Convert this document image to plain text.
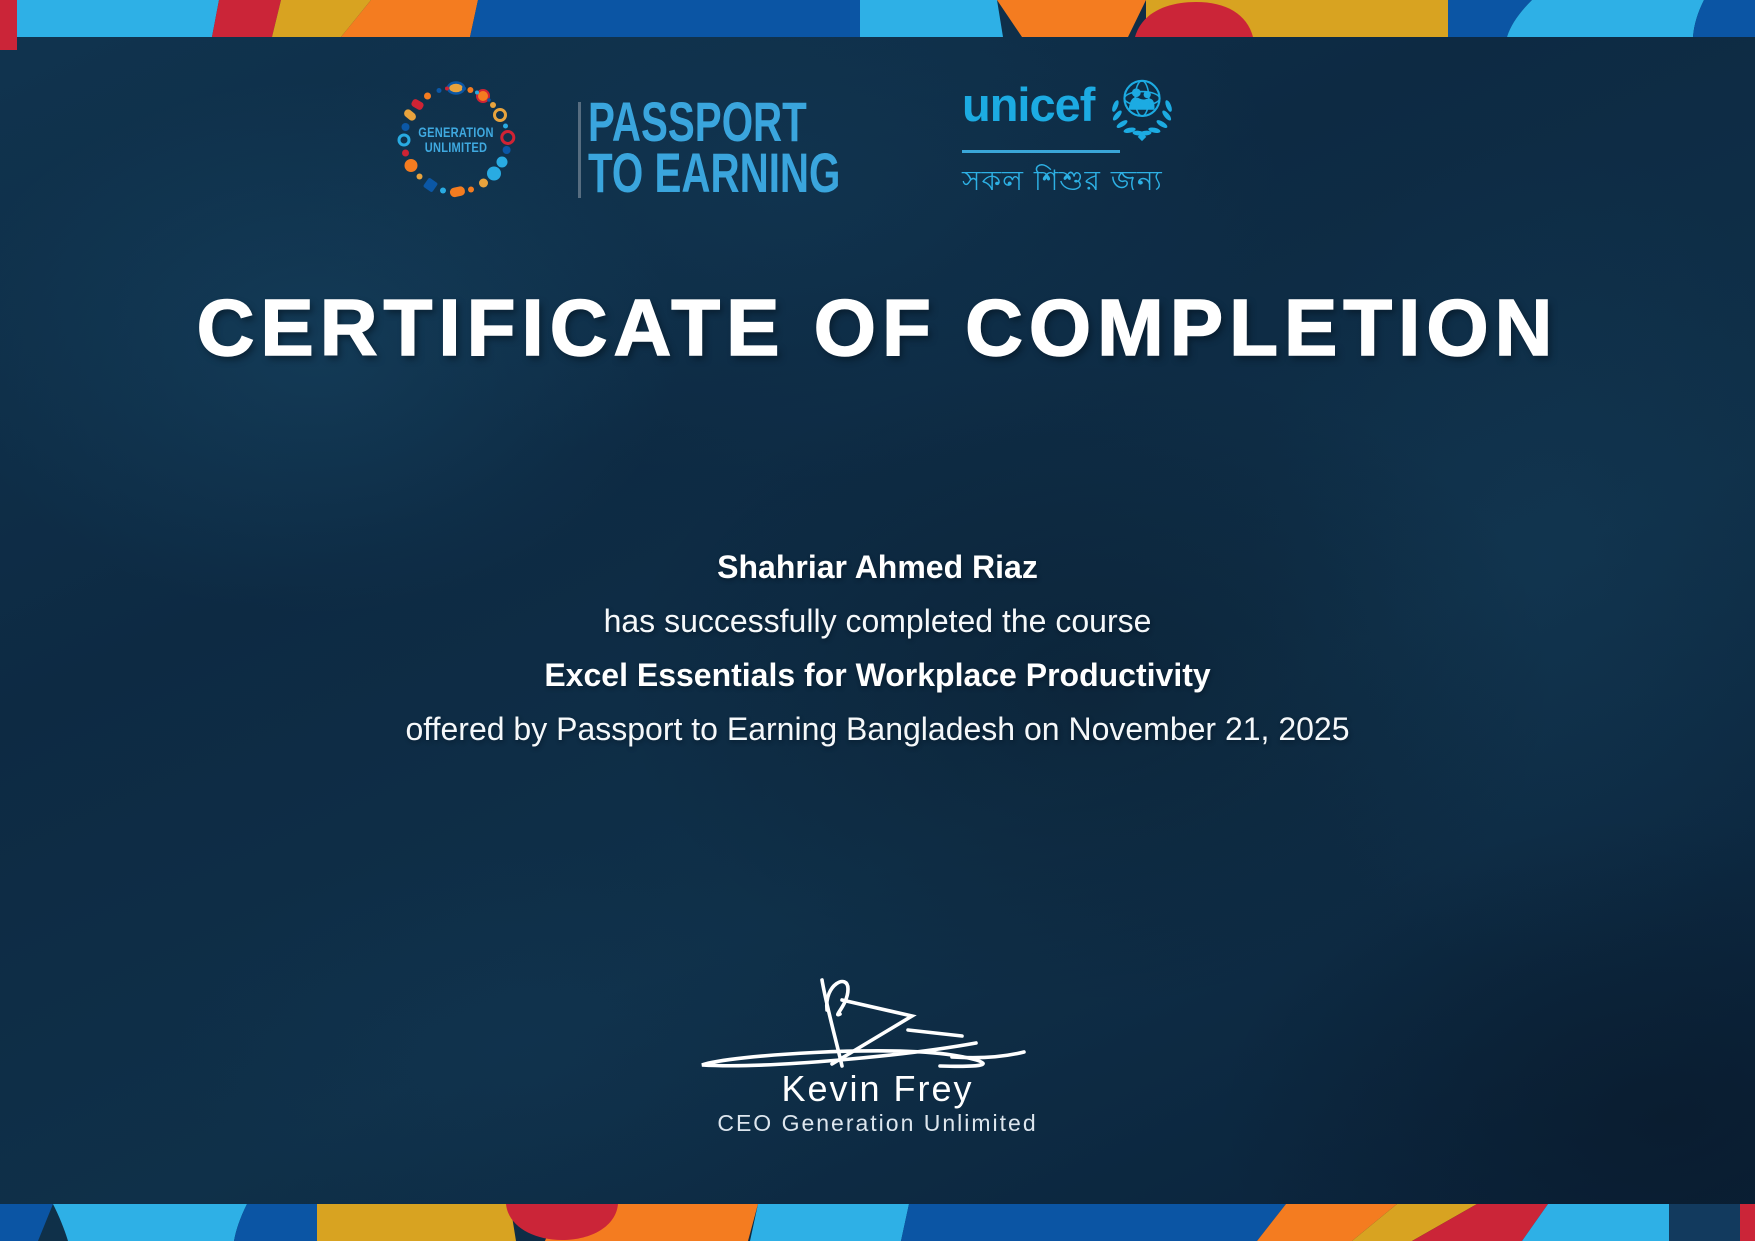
GENERATION
UNLIMITED PASSPORT
TO EARNING
unicef
সকল শিশুর জন্য
CERTIFICATE OF COMPLETION
Shahriar Ahmed Riaz
has successfully completed the course
Excel Essentials for Workplace Productivity
offered by Passport to Earning Bangladesh on November 21, 2025
Kevin Frey
CEO Generation Unlimited
